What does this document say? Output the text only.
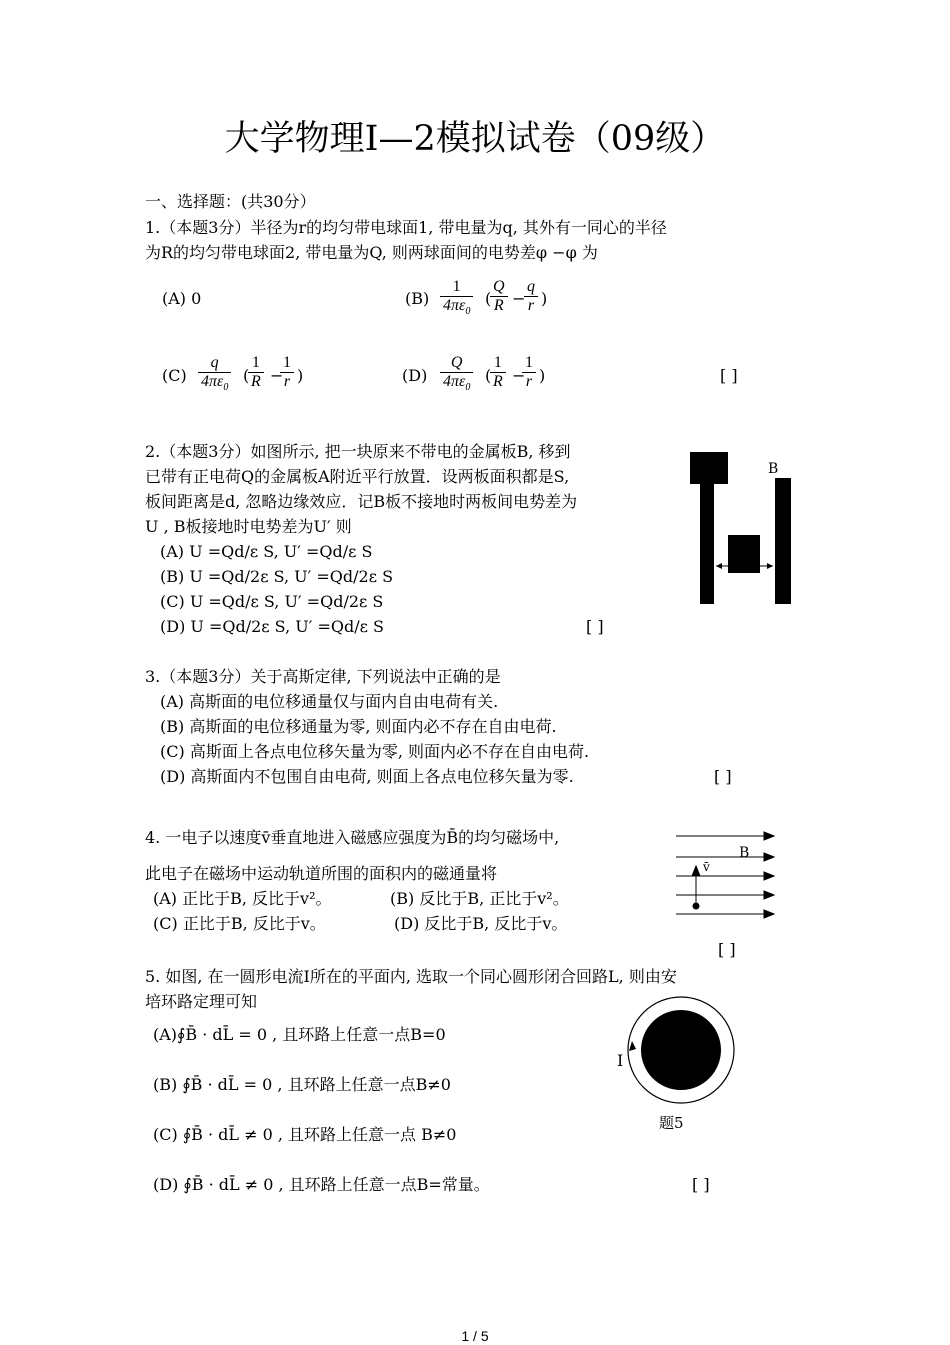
大学物理Ⅰ—2模拟试卷（09级）
一、选择题：(共30分）
1.（本题3分）半径为r的均匀带电球面1, 带电量为q, 其外有一同心的半径
为R的均匀带电球面2, 带电量为Q, 则两球面间的电势差φ −φ 为
(A) 0	$(B) \frac{1}{4\pi\varepsilon_0}$ (
$\frac{Q}{R}$ −
$\frac{q}{r}$ )
$(C) \frac{q}{4\pi\varepsilon_0}$ (
$\frac{1}{R}$ −
$\frac{1}{r}$ )	$(D) \frac{Q}{4\pi\varepsilon_0}$ (
$\frac{1}{R}$ −
$\frac{1}{r}$ )	[ ]
2.（本题3分）如图所示, 把一块原来不带电的金属板B, 移到
已带有正电荷Q的金属板A附近平行放置．设两板面积都是S,
板间距离是d, 忽略边缘效应．记B板不接地时两板间电势差为
U , B板接地时电势差为U′ 则
(A) U =Qd/ε S, U′ =Qd/ε S
(B) U =Qd/2ε S, U′ =Qd/2ε S
(C) U =Qd/ε S, U′ =Qd/2ε S
(D) U =Qd/2ε S, U′ =Qd/ε S	[ ]
B
3.（本题3分）关于高斯定律, 下列说法中正确的是
(A) 高斯面的电位移通量仅与面内自由电荷有关.
(B) 高斯面的电位移通量为零, 则面内必不存在自由电荷.
(C) 高斯面上各点电位移矢量为零, 则面内必不存在自由电荷.
(D) 高斯面内不包围自由电荷, 则面上各点电位移矢量为零.	[ ]
4. 一电子以速度v̄垂直地进入磁感应强度为B̄的均匀磁场中,
此电子在磁场中运动轨道所围的面积内的磁通量将
(A) 正比于B, 反比于v²。	(B) 反比于B, 正比于v²。
(C) 正比于B, 反比于v。	(D) 反比于B, 反比于v。
[ ]
B
v̄
5. 如图, 在一圆形电流I所在的平面内, 选取一个同心圆形闭合回路L, 则由安
培环路定理可知
(A)∮B̄ · dL̄ = 0 , 且环路上任意一点B=0
(B) ∮B̄ · dL̄ = 0 , 且环路上任意一点B≠0
(C) ∮B̄ · dL̄ ≠ 0 , 且环路上任意一点 B≠0
(D) ∮B̄ · dL̄ ≠ 0 , 且环路上任意一点B=常量。	[ ]
I
题5
1 / 5
